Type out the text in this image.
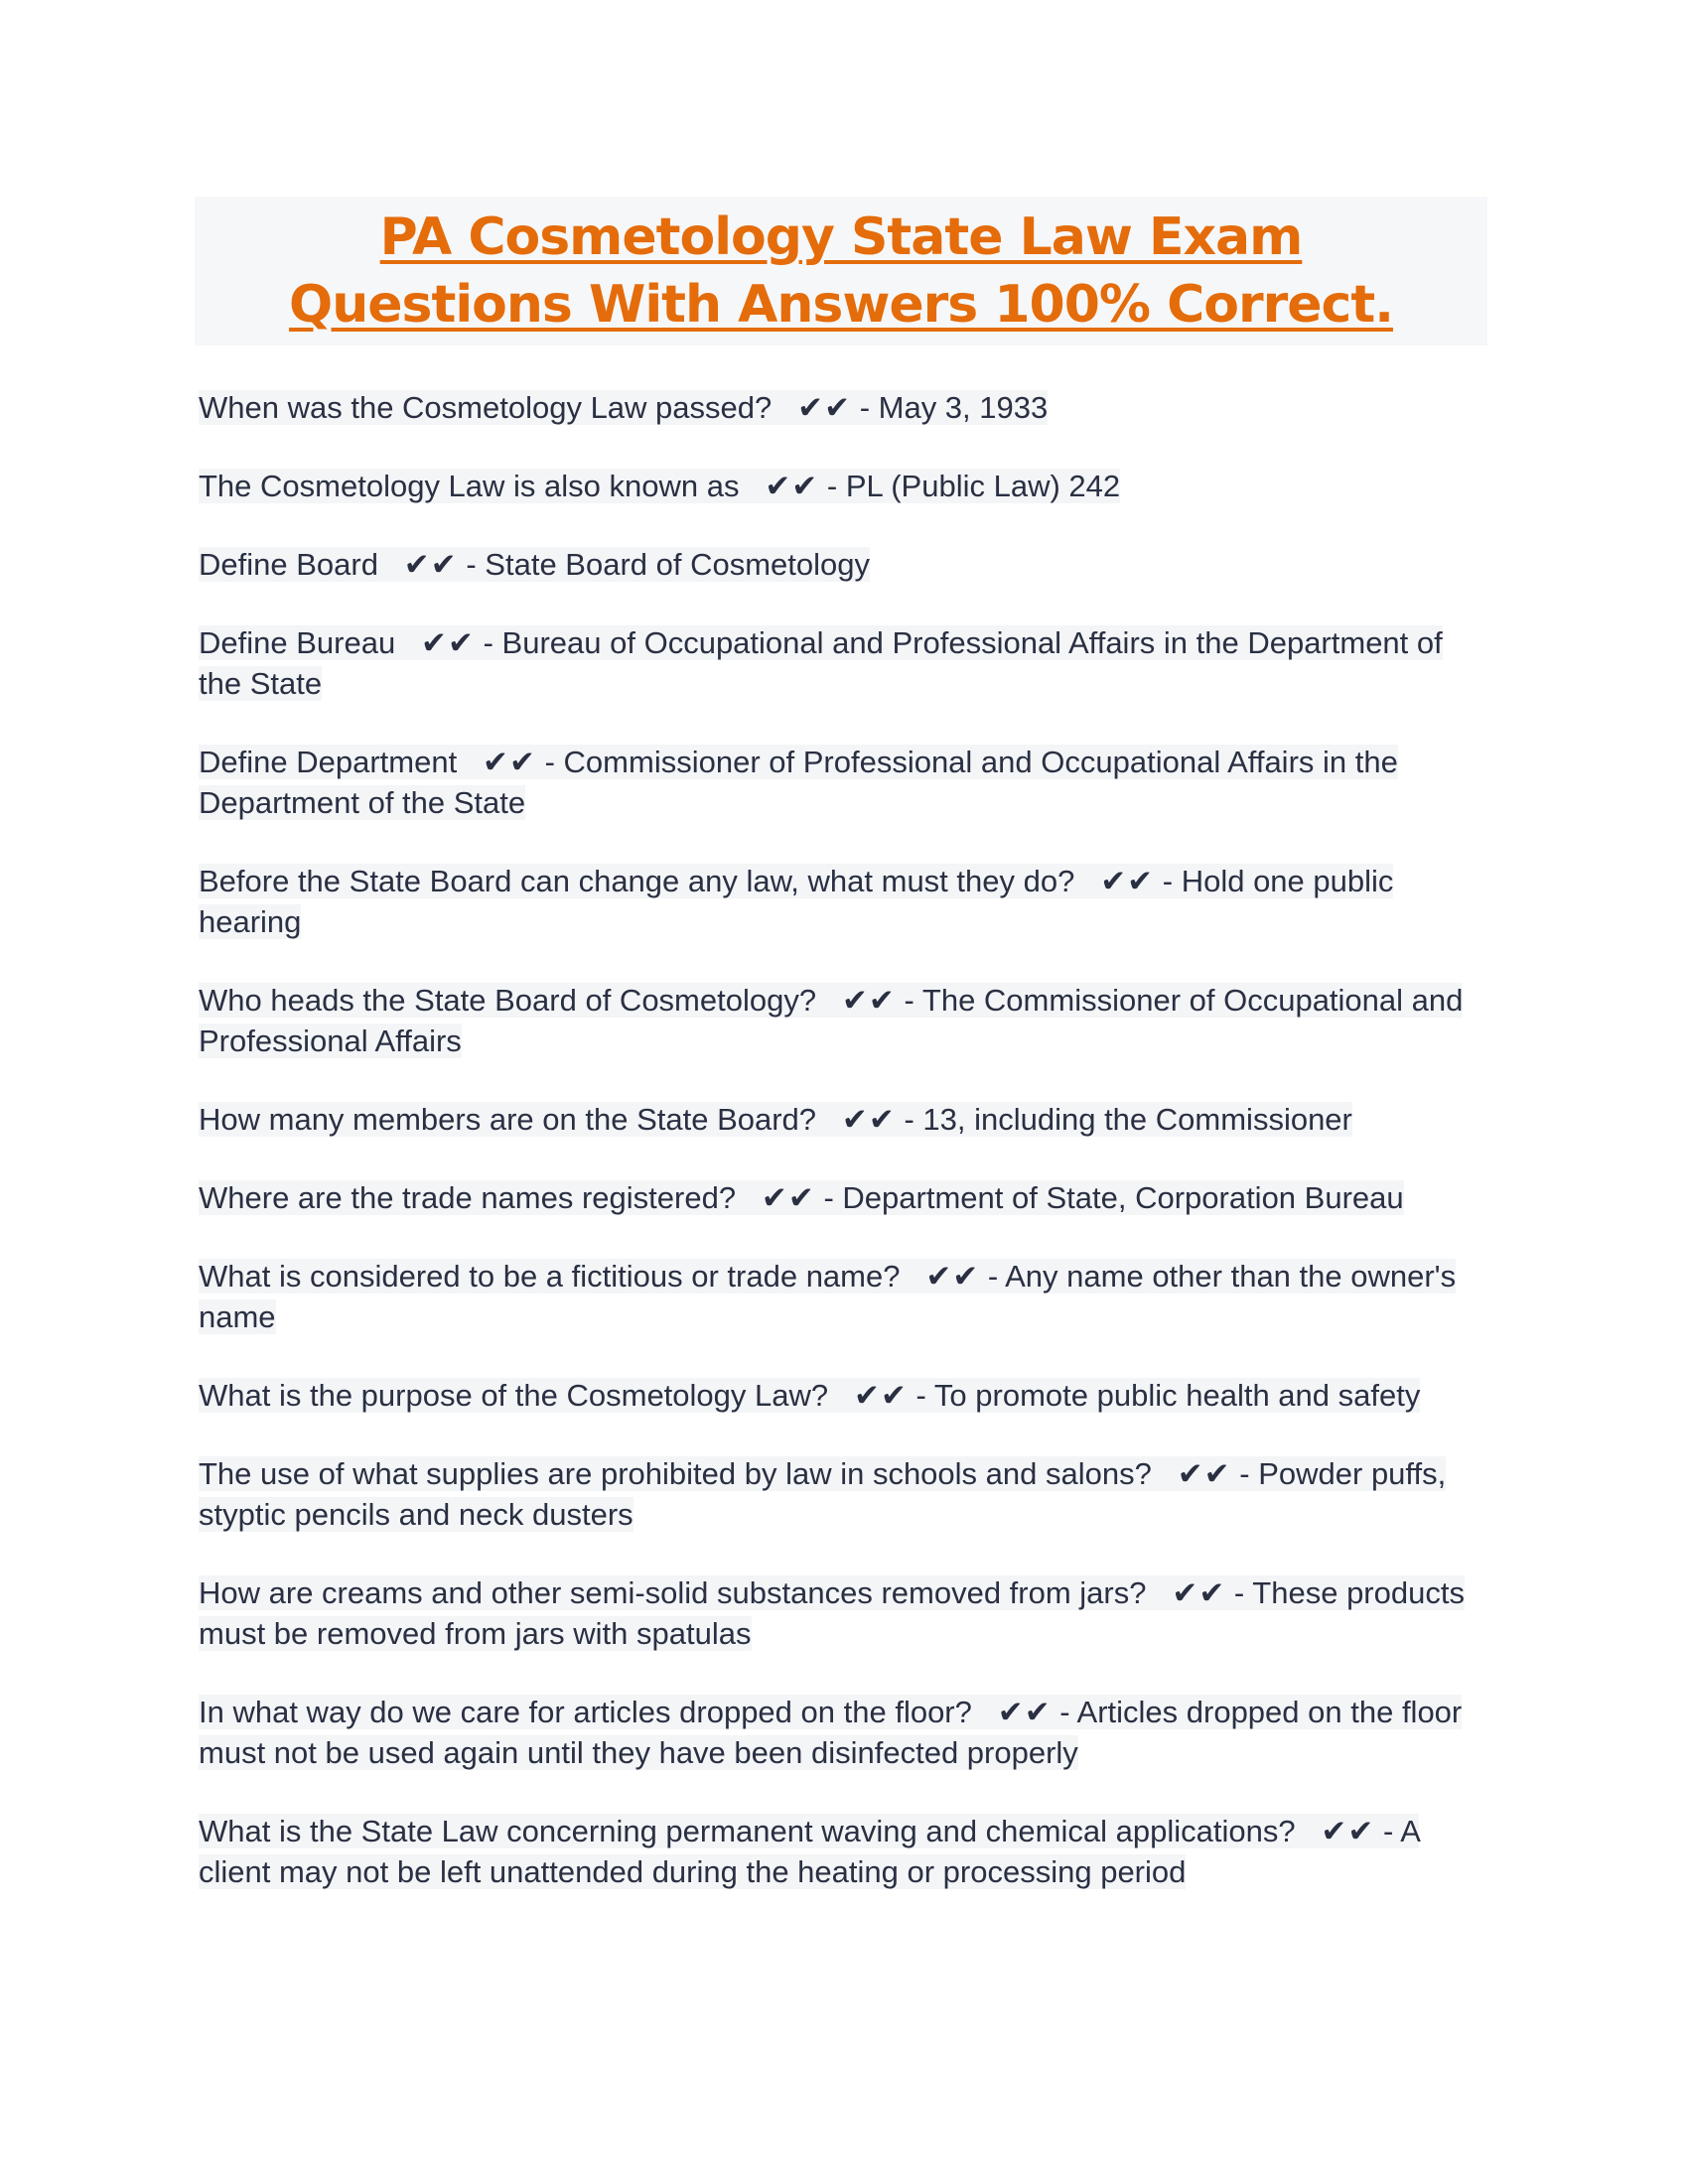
PA Cosmetology State Law Exam
Questions With Answers 100% Correct.

When was the Cosmetology Law passed? ✔✔ - May 3, 1933

The Cosmetology Law is also known as ✔✔ - PL (Public Law) 242

Define Board ✔✔ - State Board of Cosmetology

Define Bureau ✔✔ - Bureau of Occupational and Professional Affairs in the Department of the State

Define Department ✔✔ - Commissioner of Professional and Occupational Affairs in the Department of the State

Before the State Board can change any law, what must they do? ✔✔ - Hold one public hearing

Who heads the State Board of Cosmetology? ✔✔ - The Commissioner of Occupational and Professional Affairs

How many members are on the State Board? ✔✔ - 13, including the Commissioner

Where are the trade names registered? ✔✔ - Department of State, Corporation Bureau

What is considered to be a fictitious or trade name? ✔✔ - Any name other than the owner's name

What is the purpose of the Cosmetology Law? ✔✔ - To promote public health and safety

The use of what supplies are prohibited by law in schools and salons? ✔✔ - Powder puffs, styptic pencils and neck dusters

How are creams and other semi-solid substances removed from jars? ✔✔ - These products must be removed from jars with spatulas

In what way do we care for articles dropped on the floor? ✔✔ - Articles dropped on the floor must not be used again until they have been disinfected properly

What is the State Law concerning permanent waving and chemical applications? ✔✔ - A client may not be left unattended during the heating or processing period
